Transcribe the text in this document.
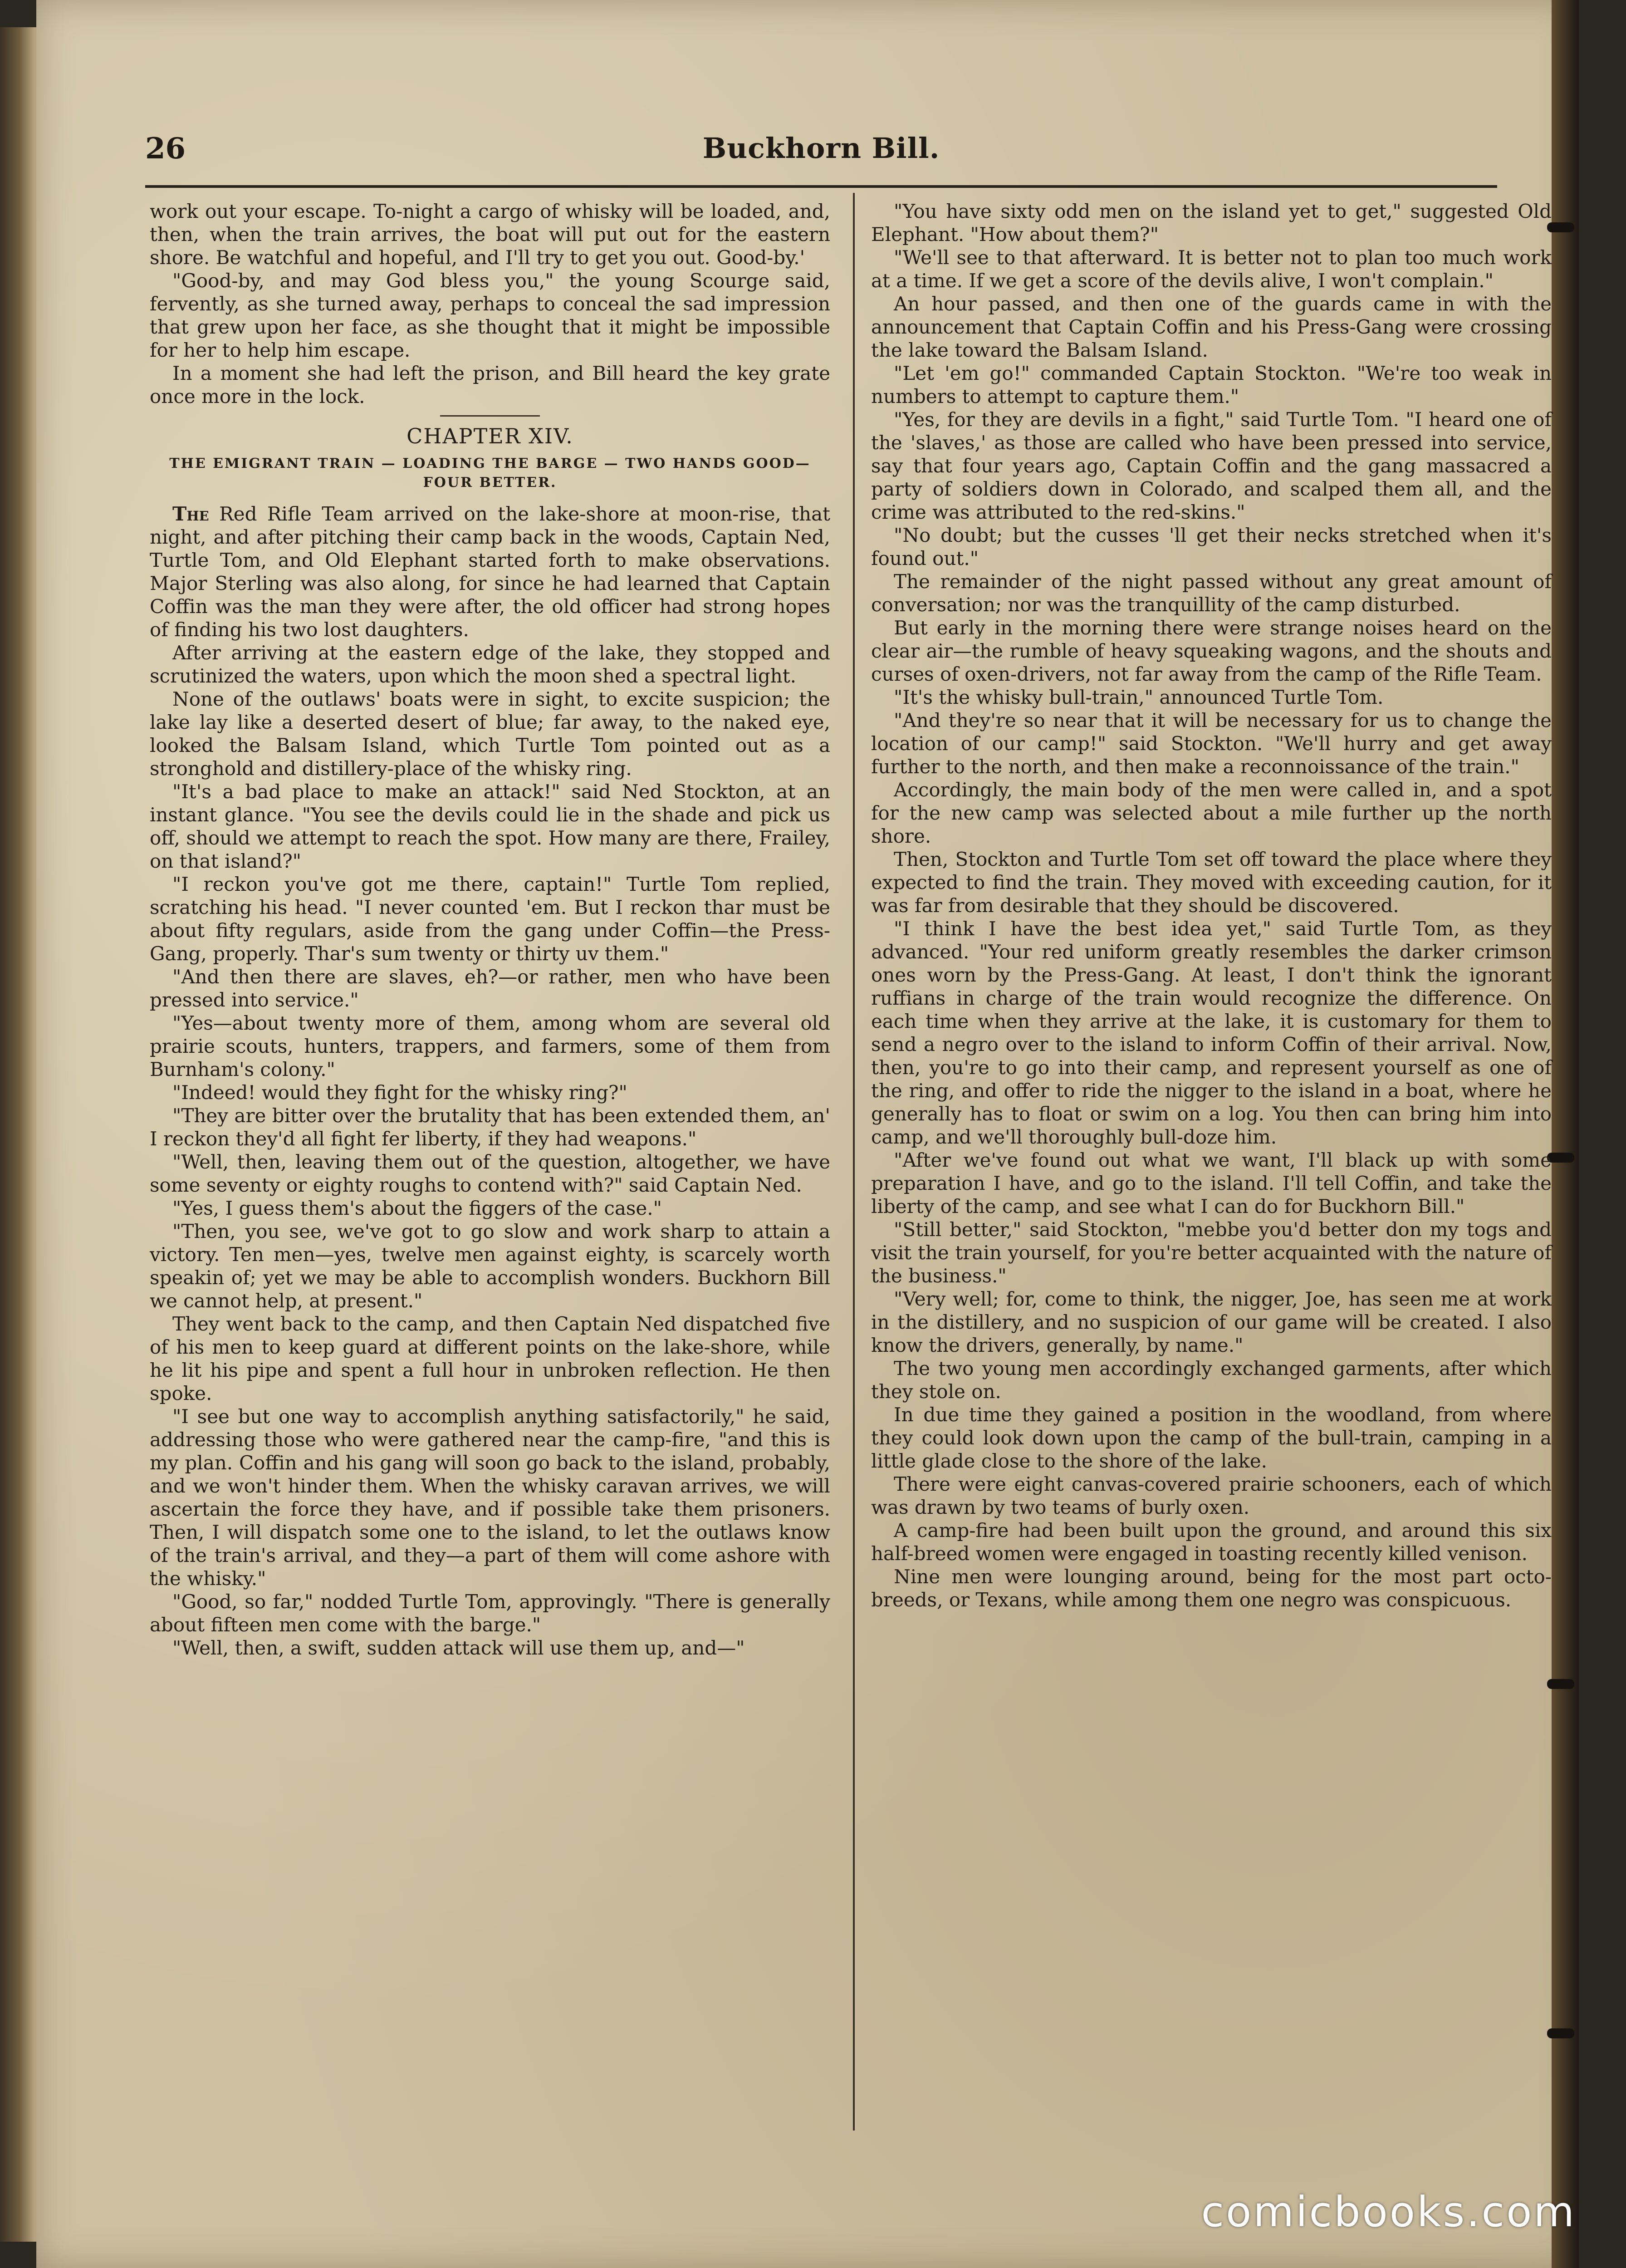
26	Buckhorn Bill.

work out your escape. To-night a cargo of whisky will be loaded, and, then, when the train arrives, the boat will put out for the eastern shore. Be watchful and hopeful, and I'll try to get you out. Good-by.'

"Good-by, and may God bless you," the young Scourge said, fervently, as she turned away, perhaps to conceal the sad impression that grew upon her face, as she thought that it might be impossible for her to help him escape.

In a moment she had left the prison, and Bill heard the key grate once more in the lock.

CHAPTER XIV.
THE EMIGRANT TRAIN — LOADING THE BARGE — TWO HANDS GOOD—FOUR BETTER.

The Red Rifle Team arrived on the lake-shore at moon-rise, that night, and after pitching their camp back in the woods, Captain Ned, Turtle Tom, and Old Elephant started forth to make observations. Major Sterling was also along, for since he had learned that Captain Coffin was the man they were after, the old officer had strong hopes of finding his two lost daughters.

After arriving at the eastern edge of the lake, they stopped and scrutinized the waters, upon which the moon shed a spectral light.

None of the outlaws' boats were in sight, to excite suspicion; the lake lay like a deserted desert of blue; far away, to the naked eye, looked the Balsam Island, which Turtle Tom pointed out as a stronghold and distillery-place of the whisky ring.

"It's a bad place to make an attack!" said Ned Stockton, at an instant glance. "You see the devils could lie in the shade and pick us off, should we attempt to reach the spot. How many are there, Frailey, on that island?"

"I reckon you've got me there, captain!" Turtle Tom replied, scratching his head. "I never counted 'em. But I reckon thar must be about fifty regulars, aside from the gang under Coffin—the Press-Gang, properly. Thar's sum twenty or thirty uv them."

"And then there are slaves, eh?—or rather, men who have been pressed into service."

"Yes—about twenty more of them, among whom are several old prairie scouts, hunters, trappers, and farmers, some of them from Burnham's colony."

"Indeed! would they fight for the whisky ring?"

"They are bitter over the brutality that has been extended them, an' I reckon they'd all fight fer liberty, if they had weapons."

"Well, then, leaving them out of the question, altogether, we have some seventy or eighty roughs to contend with?" said Captain Ned.

"Yes, I guess them's about the figgers of the case."

"Then, you see, we've got to go slow and work sharp to attain a victory. Ten men—yes, twelve men against eighty, is scarcely worth speakin of; yet we may be able to accomplish wonders. Buckhorn Bill we cannot help, at present."

They went back to the camp, and then Captain Ned dispatched five of his men to keep guard at different points on the lake-shore, while he lit his pipe and spent a full hour in unbroken reflection. He then spoke.

"I see but one way to accomplish anything satisfactorily," he said, addressing those who were gathered near the camp-fire, "and this is my plan. Coffin and his gang will soon go back to the island, probably, and we won't hinder them. When the whisky caravan arrives, we will ascertain the force they have, and if possible take them prisoners. Then, I will dispatch some one to the island, to let the outlaws know of the train's arrival, and they—a part of them will come ashore with the whisky."

"Good, so far," nodded Turtle Tom, approvingly. "There is generally about fifteen men come with the barge."

"Well, then, a swift, sudden attack will use them up, and—"

"You have sixty odd men on the island yet to get," suggested Old Elephant. "How about them?"

"We'll see to that afterward. It is better not to plan too much work at a time. If we get a score of the devils alive, I won't complain."

An hour passed, and then one of the guards came in with the announcement that Captain Coffin and his Press-Gang were crossing the lake toward the Balsam Island.

"Let 'em go!" commanded Captain Stockton. "We're too weak in numbers to attempt to capture them."

"Yes, for they are devils in a fight," said Turtle Tom. "I heard one of the 'slaves,' as those are called who have been pressed into service, say that four years ago, Captain Coffin and the gang massacred a party of soldiers down in Colorado, and scalped them all, and the crime was attributed to the red-skins."

"No doubt; but the cusses 'll get their necks stretched when it's found out."

The remainder of the night passed without any great amount of conversation; nor was the tranquillity of the camp disturbed.

But early in the morning there were strange noises heard on the clear air—the rumble of heavy squeaking wagons, and the shouts and curses of oxen-drivers, not far away from the camp of the Rifle Team.

"It's the whisky bull-train," announced Turtle Tom.

"And they're so near that it will be necessary for us to change the location of our camp!" said Stockton. "We'll hurry and get away further to the north, and then make a reconnoissance of the train."

Accordingly, the main body of the men were called in, and a spot for the new camp was selected about a mile further up the north shore.

Then, Stockton and Turtle Tom set off toward the place where they expected to find the train. They moved with exceeding caution, for it was far from desirable that they should be discovered.

"I think I have the best idea yet," said Turtle Tom, as they advanced. "Your red uniform greatly resembles the darker crimson ones worn by the Press-Gang. At least, I don't think the ignorant ruffians in charge of the train would recognize the difference. On each time when they arrive at the lake, it is customary for them to send a negro over to the island to inform Coffin of their arrival. Now, then, you're to go into their camp, and represent yourself as one of the ring, and offer to ride the nigger to the island in a boat, where he generally has to float or swim on a log. You then can bring him into camp, and we'll thoroughly bull-doze him.

"After we've found out what we want, I'll black up with some preparation I have, and go to the island. I'll tell Coffin, and take the liberty of the camp, and see what I can do for Buckhorn Bill."

"Still better," said Stockton, "mebbe you'd better don my togs and visit the train yourself, for you're better acquainted with the nature of the business."

"Very well; for, come to think, the nigger, Joe, has seen me at work in the distillery, and no suspicion of our game will be created. I also know the drivers, generally, by name."

The two young men accordingly exchanged garments, after which they stole on.

In due time they gained a position in the woodland, from where they could look down upon the camp of the bull-train, camping in a little glade close to the shore of the lake.

There were eight canvas-covered prairie schooners, each of which was drawn by two teams of burly oxen.

A camp-fire had been built upon the ground, and around this six half-breed women were engaged in toasting recently killed venison.

Nine men were lounging around, being for the most part octo-breeds, or Texans, while among them one negro was conspicuous.

comicbooks.com
